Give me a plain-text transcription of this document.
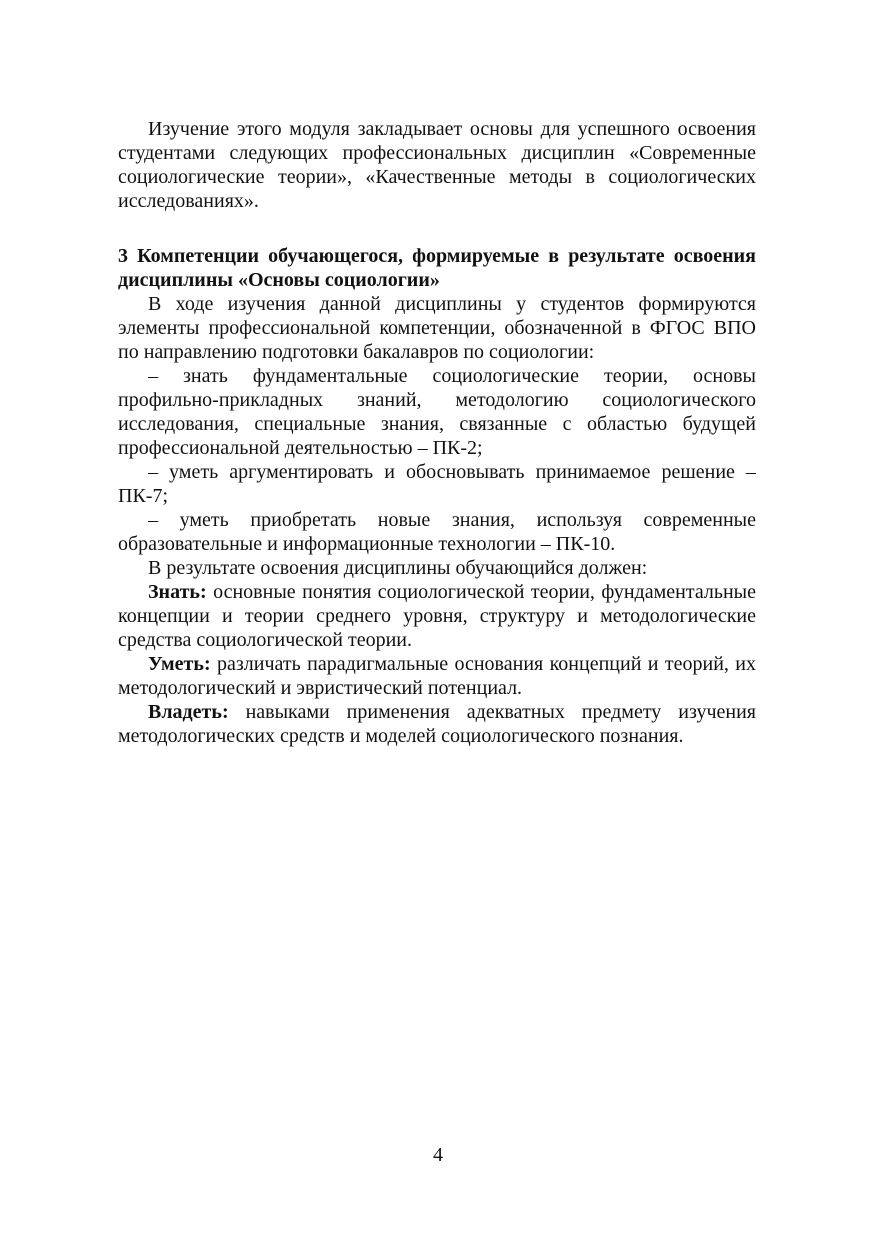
Изучение этого модуля закладывает основы для успешного освоения студентами следующих профессиональных дисциплин «Современные социологические теории», «Качественные методы в социологических исследованиях».

3 Компетенции обучающегося, формируемые в результате освоения дисциплины «Основы социологии»

В ходе изучения данной дисциплины у студентов формируются элементы профессиональной компетенции, обозначенной в ФГОС ВПО по направлению подготовки бакалавров по социологии:

– знать фундаментальные социологические теории, основы профильно-прикладных знаний, методологию социологического исследования, специальные знания, связанные с областью будущей профессиональной деятельностью – ПК-2;

– уметь аргументировать и обосновывать принимаемое решение – ПК-7;

– уметь приобретать новые знания, используя современные образовательные и информационные технологии – ПК-10.

В результате освоения дисциплины обучающийся должен:

Знать: основные понятия социологической теории, фундаментальные концепции и теории среднего уровня, структуру и методологические средства социологической теории.

Уметь: различать парадигмальные основания концепций и теорий, их методологический и эвристический потенциал.

Владеть: навыками применения адекватных предмету изучения методологических средств и моделей социологического познания.

4
